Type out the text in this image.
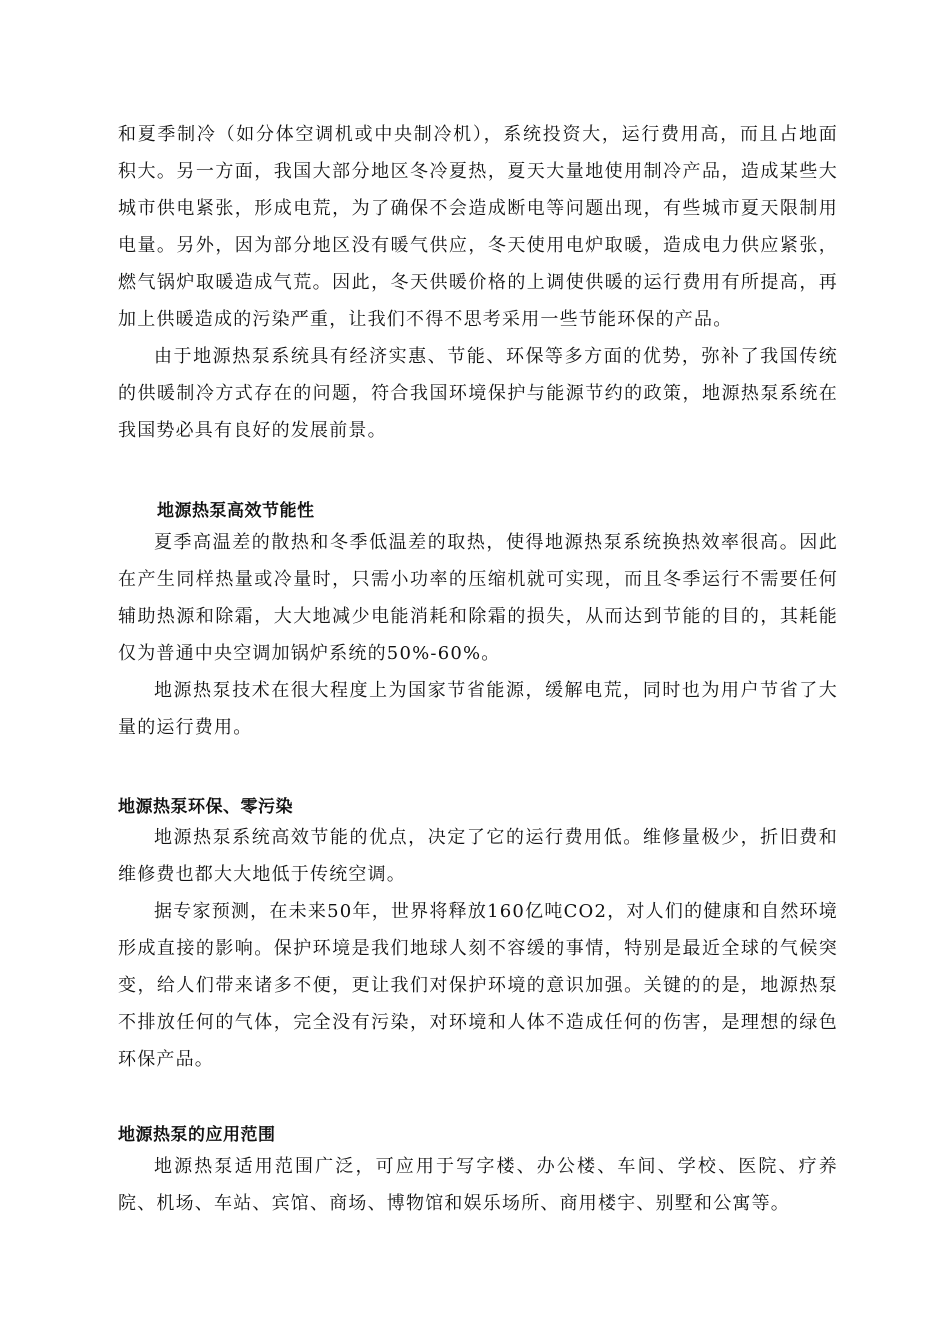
和夏季制冷（如分体空调机或中央制冷机），系统投资大，运行费用高，而且占地面积大。另一方面，我国大部分地区冬冷夏热，夏天大量地使用制冷产品，造成某些大城市供电紧张，形成电荒，为了确保不会造成断电等问题出现，有些城市夏天限制用电量。另外，因为部分地区没有暖气供应，冬天使用电炉取暖，造成电力供应紧张，燃气锅炉取暖造成气荒。因此，冬天供暖价格的上调使供暖的运行费用有所提高，再加上供暖造成的污染严重，让我们不得不思考采用一些节能环保的产品。

由于地源热泵系统具有经济实惠、节能、环保等多方面的优势，弥补了我国传统的供暖制冷方式存在的问题，符合我国环境保护与能源节约的政策，地源热泵系统在我国势必具有良好的发展前景。

地源热泵高效节能性

夏季高温差的散热和冬季低温差的取热，使得地源热泵系统换热效率很高。因此在产生同样热量或冷量时，只需小功率的压缩机就可实现，而且冬季运行不需要任何辅助热源和除霜，大大地减少电能消耗和除霜的损失，从而达到节能的目的，其耗能仅为普通中央空调加锅炉系统的50%-60%。

地源热泵技术在很大程度上为国家节省能源，缓解电荒，同时也为用户节省了大量的运行费用。

地源热泵环保、零污染

地源热泵系统高效节能的优点，决定了它的运行费用低。维修量极少，折旧费和维修费也都大大地低于传统空调。

据专家预测，在未来50年，世界将释放160亿吨CO2，对人们的健康和自然环境形成直接的影响。保护环境是我们地球人刻不容缓的事情，特别是最近全球的气候突变，给人们带来诸多不便，更让我们对保护环境的意识加强。关键的的是，地源热泵不排放任何的气体，完全没有污染，对环境和人体不造成任何的伤害，是理想的绿色环保产品。

地源热泵的应用范围

地源热泵适用范围广泛，可应用于写字楼、办公楼、车间、学校、医院、疗养院、机场、车站、宾馆、商场、博物馆和娱乐场所、商用楼宇、别墅和公寓等。
